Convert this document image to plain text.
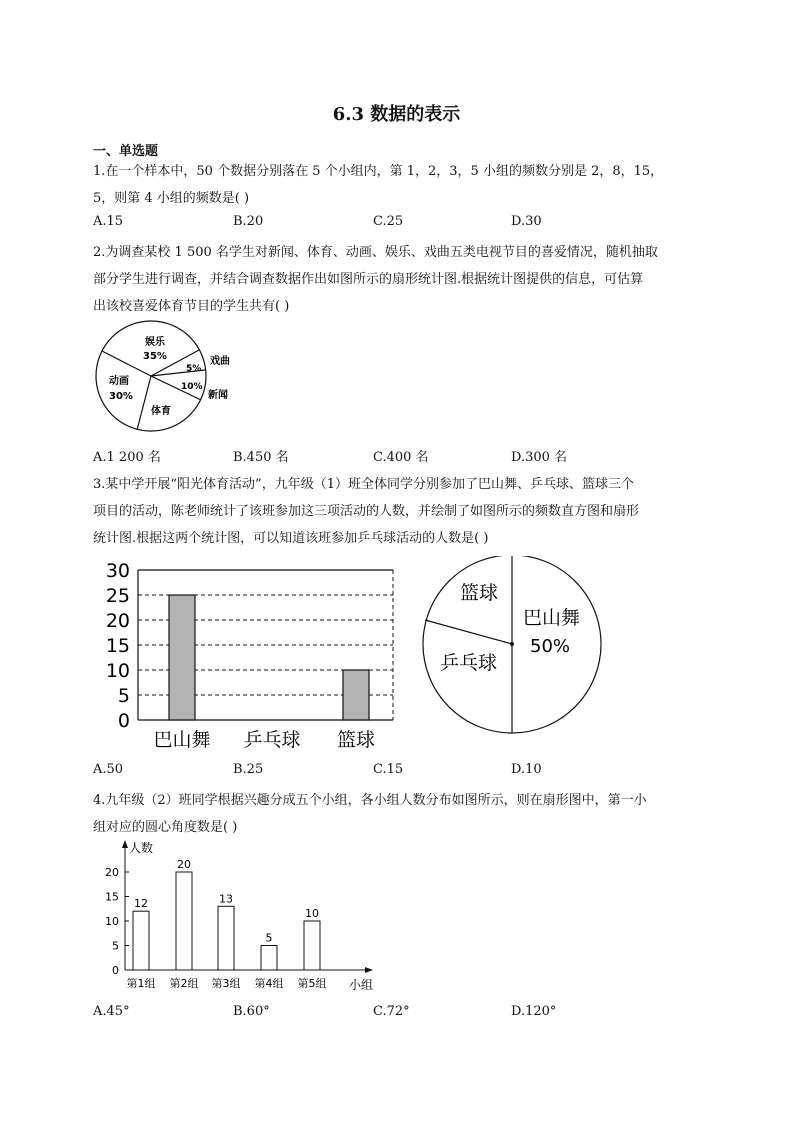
6.3 数据的表示
一、单选题
1.在一个样本中，50 个数据分别落在 5 个小组内，第 1，2，3，5 小组的频数分别是 2，8，15，
5，则第 4 小组的频数是( )
A.15	B.20	C.25	D.30
2.为调查某校 1 500 名学生对新闻、体育、动画、娱乐、戏曲五类电视节目的喜爱情况，随机抽取
部分学生进行调查，并结合调查数据作出如图所示的扇形统计图.根据统计图提供的信息，可估算
出该校喜爱体育节目的学生共有( )
娱乐
35%	戏曲
5%
10%
新闻
体育
动画
30%
A.1 200 名	B.450 名	C.400 名	D.300 名
3.某中学开展“阳光体育活动”，九年级（1）班全体同学分别参加了巴山舞、乒乓球、篮球三个
项目的活动，陈老师统计了该班参加这三项活动的人数，并绘制了如图所示的频数直方图和扇形
统计图.根据这两个统计图，可以知道该班参加乒乓球活动的人数是( )
0
5
10
15
20
25
30
巴山舞 乒乓球 篮球
篮球
巴山舞
50%
乒乓球
A.50	B.25	C.15	D.10
4.九年级（2）班同学根据兴趣分成五个小组，各小组人数分布如图所示，则在扇形图中，第一小
组对应的圆心角度数是( )
人数
小组
0
5
10
15
20
12
20
13
5
10
第1组 第2组 第3组 第4组 第5组
A.45°	B.60°	C.72°	D.120°
